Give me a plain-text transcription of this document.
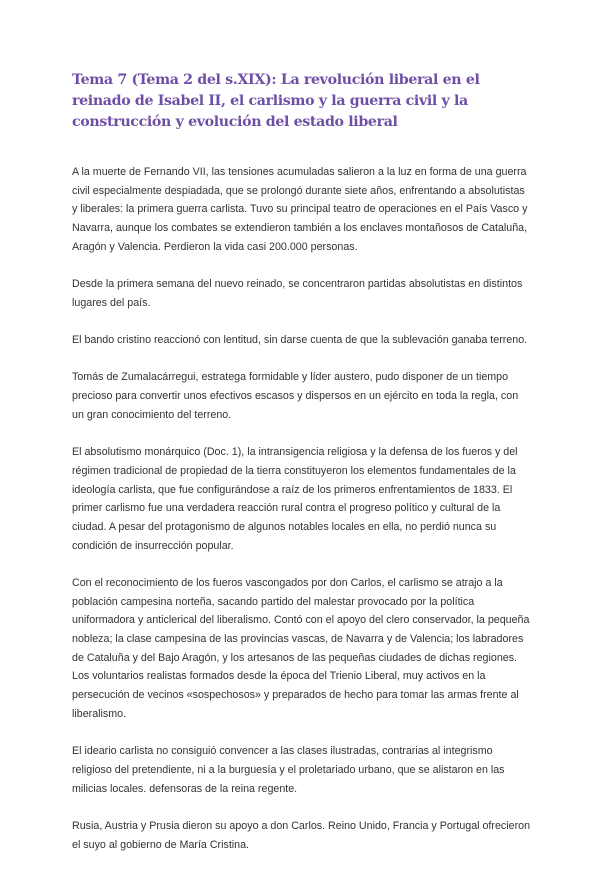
Tema 7 (Tema 2 del s.XIX): La revolución liberal en el reinado de Isabel II, el carlismo y la guerra civil y la construcción y evolución del estado liberal

A la muerte de Fernando VII, las tensiones acumuladas salieron a la luz en forma de una guerra civil especialmente despiadada, que se prolongó durante siete años, enfrentando a absolutistas y liberales: la primera guerra carlista. Tuvo su principal teatro de operaciones en el País Vasco y Navarra, aunque los combates se extendieron también a los enclaves montañosos de Cataluña, Aragón y Valencia. Perdieron la vida casi 200.000 personas.

Desde la primera semana del nuevo reinado, se concentraron partidas absolutistas en distintos lugares del país.

El bando cristino reaccionó con lentitud, sin darse cuenta de que la sublevación ganaba terreno.

Tomás de Zumalacárregui, estratega formidable y líder austero, pudo disponer de un tiempo precioso para convertir unos efectivos escasos y dispersos en un ejército en toda la regla, con un gran conocimiento del terreno.

El absolutismo monárquico (Doc. 1), la intransigencia religiosa y la defensa de los fueros y del régimen tradicional de propiedad de la tierra constituyeron los elementos fundamentales de la ideología carlista, que fue configurándose a raíz de los primeros enfrentamientos de 1833. El primer carlismo fue una verdadera reacción rural contra el progreso político y cultural de la ciudad. A pesar del protagonismo de algunos notables locales en ella, no perdió nunca su condición de insurrección popular.

Con el reconocimiento de los fueros vascongados por don Carlos, el carlismo se atrajo a la población campesina norteña, sacando partido del malestar provocado por la política uniformadora y anticlerical del liberalismo. Contó con el apoyo del clero conservador, la pequeña nobleza; la clase campesina de las provincias vascas, de Navarra y de Valencia; los labradores de Cataluña y del Bajo Aragón, y los artesanos de las pequeñas ciudades de dichas regiones. Los voluntarios realistas formados desde la época del Trienio Liberal, muy activos en la persecución de vecinos «sospechosos» y preparados de hecho para tomar las armas frente al liberalismo.

El ideario carlista no consiguió convencer a las clases ilustradas, contrarias al integrismo religioso del pretendiente, ni a la burguesía y el proletariado urbano, que se alistaron en las milicias locales. defensoras de la reina regente.

Rusia, Austria y Prusia dieron su apoyo a don Carlos. Reino Unido, Francia y Portugal ofrecieron el suyo al gobierno de María Cristina.
